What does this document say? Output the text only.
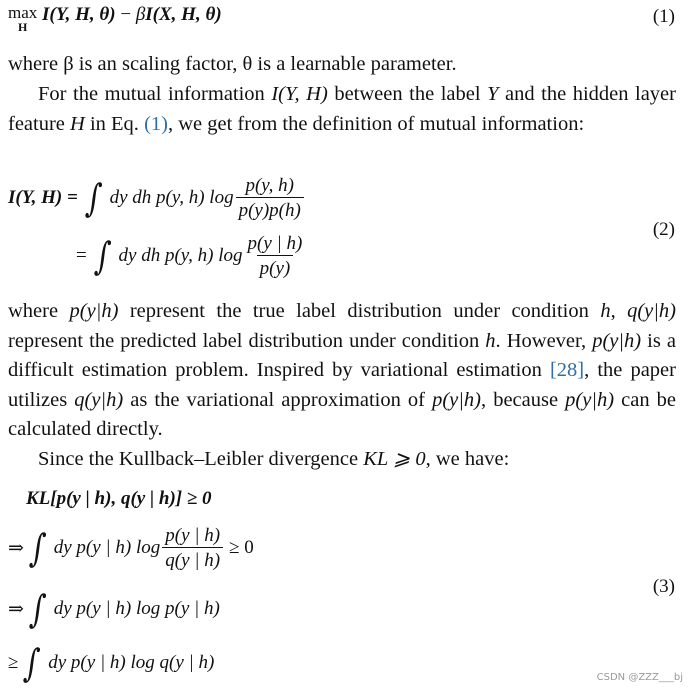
max
H
I(Y, H, θ) − βI(X, H, θ)	(1)
where β is an scaling factor, θ is a learnable parameter.
For the mutual information I(Y, H) between the label Y and the hidden layer feature H in Eq. (1), we get from the definition of mutual information:
I(Y, H) = ∫ dy dh p(y, h) $\log \frac{p(y, h)}{p(y)p(h)}$
= ∫ dy dh p(y, h) $\log \frac{p(y | h)}{p(y)}$
(2)
where p(y|h) represent the true label distribution under condition h, q(y|h) represent the predicted label distribution under condition h. However, p(y|h) is a difficult estimation problem. Inspired by variational estimation [28], the paper utilizes q(y|h) as the variational approximation of p(y|h), because p(y|h) can be calculated directly.
Since the Kullback–Leibler divergence KL ⩾ 0, we have:
KL[p(y | h), q(y | h)] ≥ 0
⇒ ∫ dy p(y | h) $\log \frac{p(y | h)}{q(y | h)} \ge 0$
⇒ ∫ dy p(y | h) log p(y | h)
(3)
≥ ∫ dy p(y | h) log q(y | h)
CSDN @ZZZ___bj
